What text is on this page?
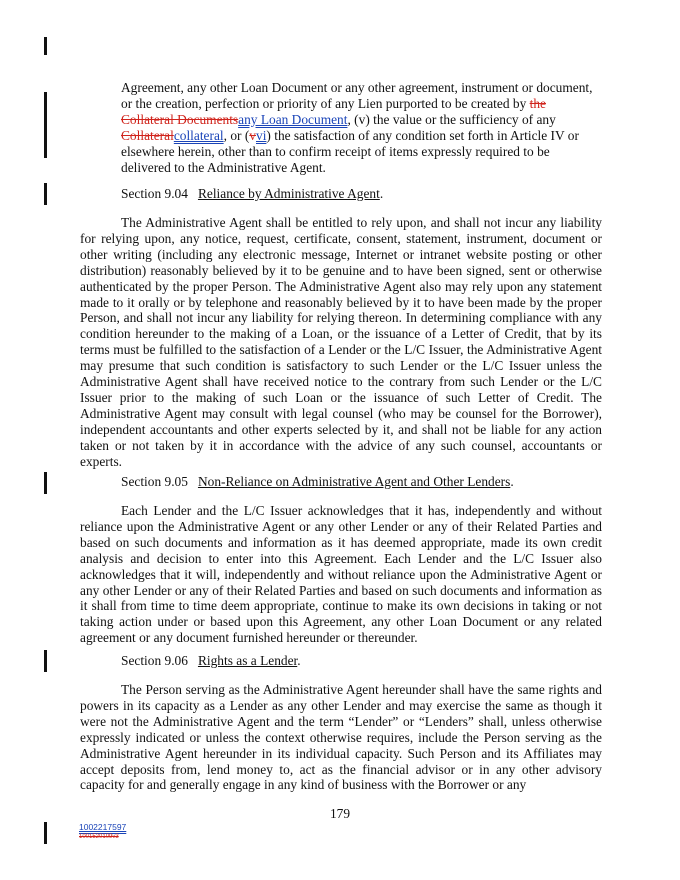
Agreement, any other Loan Document or any other agreement, instrument or document, or the creation, perfection or priority of any Lien purported to be created by the Collateral Documentsany Loan Document, (v) the value or the sufficiency of any Collateralcollateral, or (vvi) the satisfaction of any condition set forth in Article IV or elsewhere herein, other than to confirm receipt of items expressly required to be delivered to the Administrative Agent.
Section 9.04 Reliance by Administrative Agent.
The Administrative Agent shall be entitled to rely upon, and shall not incur any liability for relying upon, any notice, request, certificate, consent, statement, instrument, document or other writing (including any electronic message, Internet or intranet website posting or other distribution) reasonably believed by it to be genuine and to have been signed, sent or otherwise authenticated by the proper Person. The Administrative Agent also may rely upon any statement made to it orally or by telephone and reasonably believed by it to have been made by the proper Person, and shall not incur any liability for relying thereon. In determining compliance with any condition hereunder to the making of a Loan, or the issuance of a Letter of Credit, that by its terms must be fulfilled to the satisfaction of a Lender or the L/C Issuer, the Administrative Agent may presume that such condition is satisfactory to such Lender or the L/C Issuer unless the Administrative Agent shall have received notice to the contrary from such Lender or the L/C Issuer prior to the making of such Loan or the issuance of such Letter of Credit. The Administrative Agent may consult with legal counsel (who may be counsel for the Borrower), independent accountants and other experts selected by it, and shall not be liable for any action taken or not taken by it in accordance with the advice of any such counsel, accountants or experts.
Section 9.05 Non-Reliance on Administrative Agent and Other Lenders.
Each Lender and the L/C Issuer acknowledges that it has, independently and without reliance upon the Administrative Agent or any other Lender or any of their Related Parties and based on such documents and information as it has deemed appropriate, made its own credit analysis and decision to enter into this Agreement. Each Lender and the L/C Issuer also acknowledges that it will, independently and without reliance upon the Administrative Agent or any other Lender or any of their Related Parties and based on such documents and information as it shall from time to time deem appropriate, continue to make its own decisions in taking or not taking action under or based upon this Agreement, any other Loan Document or any related agreement or any document furnished hereunder or thereunder.
Section 9.06 Rights as a Lender.
The Person serving as the Administrative Agent hereunder shall have the same rights and powers in its capacity as a Lender as any other Lender and may exercise the same as though it were not the Administrative Agent and the term “Lender” or “Lenders” shall, unless otherwise expressly indicated or unless the context otherwise requires, include the Person serving as the Administrative Agent hereunder in its individual capacity. Such Person and its Affiliates may accept deposits from, lend money to, act as the financial advisor or in any other advisory capacity for and generally engage in any kind of business with the Borrower or any
179
1002217597
1001520109v3
